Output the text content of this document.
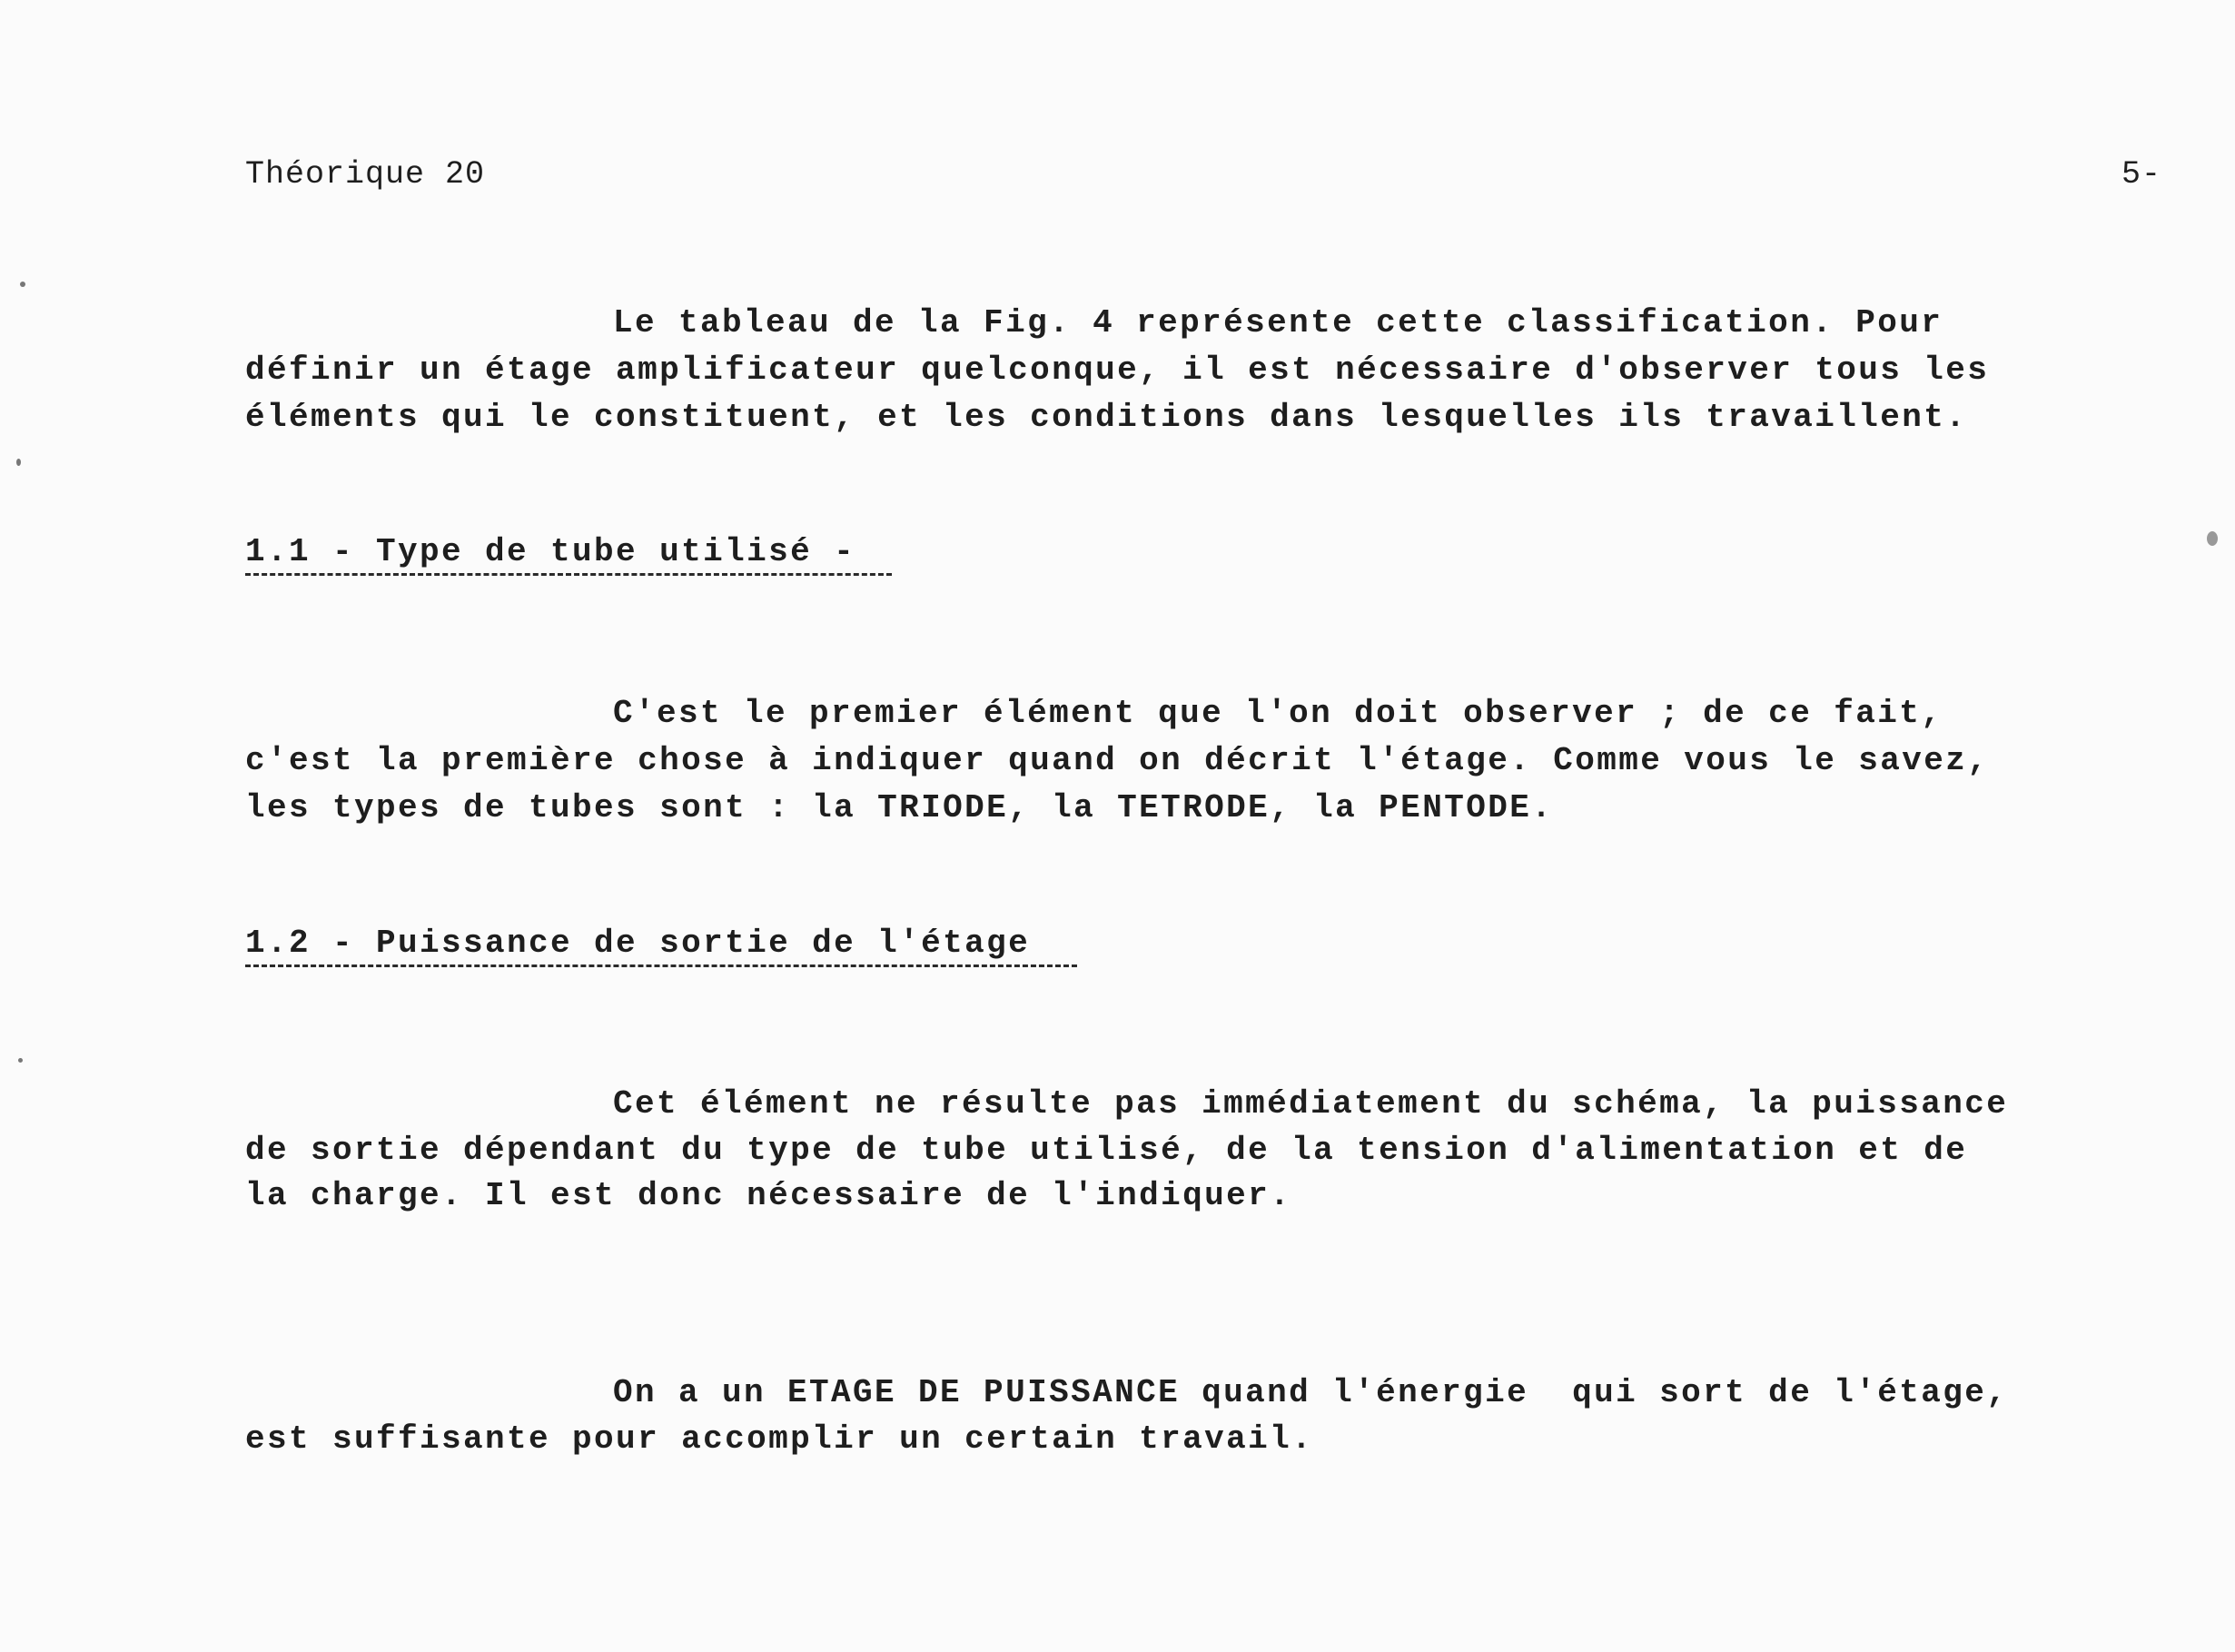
Théorique 20	5-
Le tableau de la Fig. 4 représente cette classification. Pour
définir un étage amplificateur quelconque, il est nécessaire d'observer tous les
éléments qui le constituent, et les conditions dans lesquelles ils travaillent.
1.1 - Type de tube utilisé -
C'est le premier élément que l'on doit observer ; de ce fait,
c'est la première chose à indiquer quand on décrit l'étage. Comme vous le savez,
les types de tubes sont : la TRIODE, la TETRODE, la PENTODE.
1.2 - Puissance de sortie de l'étage
Cet élément ne résulte pas immédiatement du schéma, la puissance
de sortie dépendant du type de tube utilisé, de la tension d'alimentation et de
la charge. Il est donc nécessaire de l'indiquer.
On a un ETAGE DE PUISSANCE quand l'énergie  qui sort de l'étage,
est suffisante pour accomplir un certain travail.
